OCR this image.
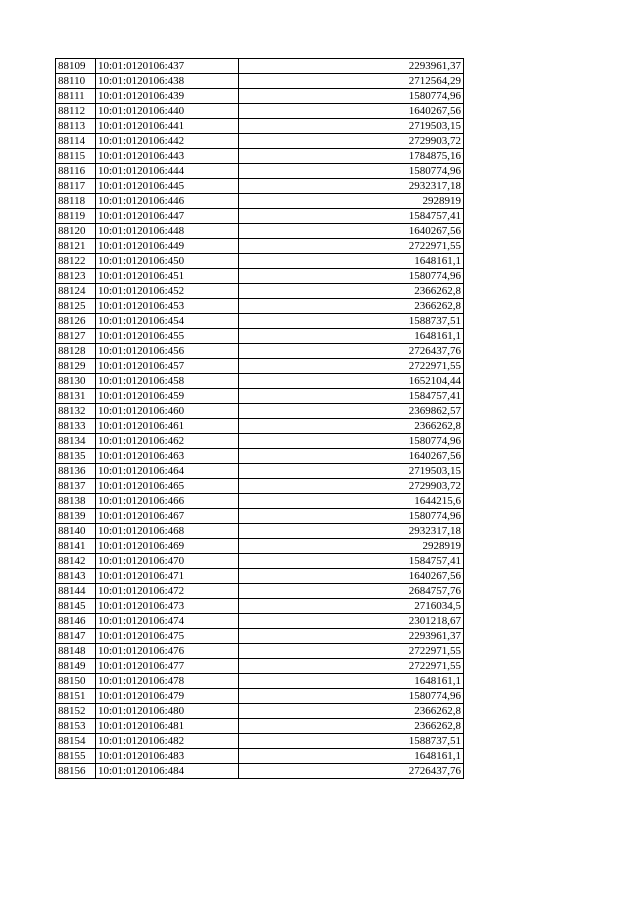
88109	10:01:0120106:437	2293961,37
88110	10:01:0120106:438	2712564,29
88111	10:01:0120106:439	1580774,96
88112	10:01:0120106:440	1640267,56
88113	10:01:0120106:441	2719503,15
88114	10:01:0120106:442	2729903,72
88115	10:01:0120106:443	1784875,16
88116	10:01:0120106:444	1580774,96
88117	10:01:0120106:445	2932317,18
88118	10:01:0120106:446	2928919
88119	10:01:0120106:447	1584757,41
88120	10:01:0120106:448	1640267,56
88121	10:01:0120106:449	2722971,55
88122	10:01:0120106:450	1648161,1
88123	10:01:0120106:451	1580774,96
88124	10:01:0120106:452	2366262,8
88125	10:01:0120106:453	2366262,8
88126	10:01:0120106:454	1588737,51
88127	10:01:0120106:455	1648161,1
88128	10:01:0120106:456	2726437,76
88129	10:01:0120106:457	2722971,55
88130	10:01:0120106:458	1652104,44
88131	10:01:0120106:459	1584757,41
88132	10:01:0120106:460	2369862,57
88133	10:01:0120106:461	2366262,8
88134	10:01:0120106:462	1580774,96
88135	10:01:0120106:463	1640267,56
88136	10:01:0120106:464	2719503,15
88137	10:01:0120106:465	2729903,72
88138	10:01:0120106:466	1644215,6
88139	10:01:0120106:467	1580774,96
88140	10:01:0120106:468	2932317,18
88141	10:01:0120106:469	2928919
88142	10:01:0120106:470	1584757,41
88143	10:01:0120106:471	1640267,56
88144	10:01:0120106:472	2684757,76
88145	10:01:0120106:473	2716034,5
88146	10:01:0120106:474	2301218,67
88147	10:01:0120106:475	2293961,37
88148	10:01:0120106:476	2722971,55
88149	10:01:0120106:477	2722971,55
88150	10:01:0120106:478	1648161,1
88151	10:01:0120106:479	1580774,96
88152	10:01:0120106:480	2366262,8
88153	10:01:0120106:481	2366262,8
88154	10:01:0120106:482	1588737,51
88155	10:01:0120106:483	1648161,1
88156	10:01:0120106:484	2726437,76
